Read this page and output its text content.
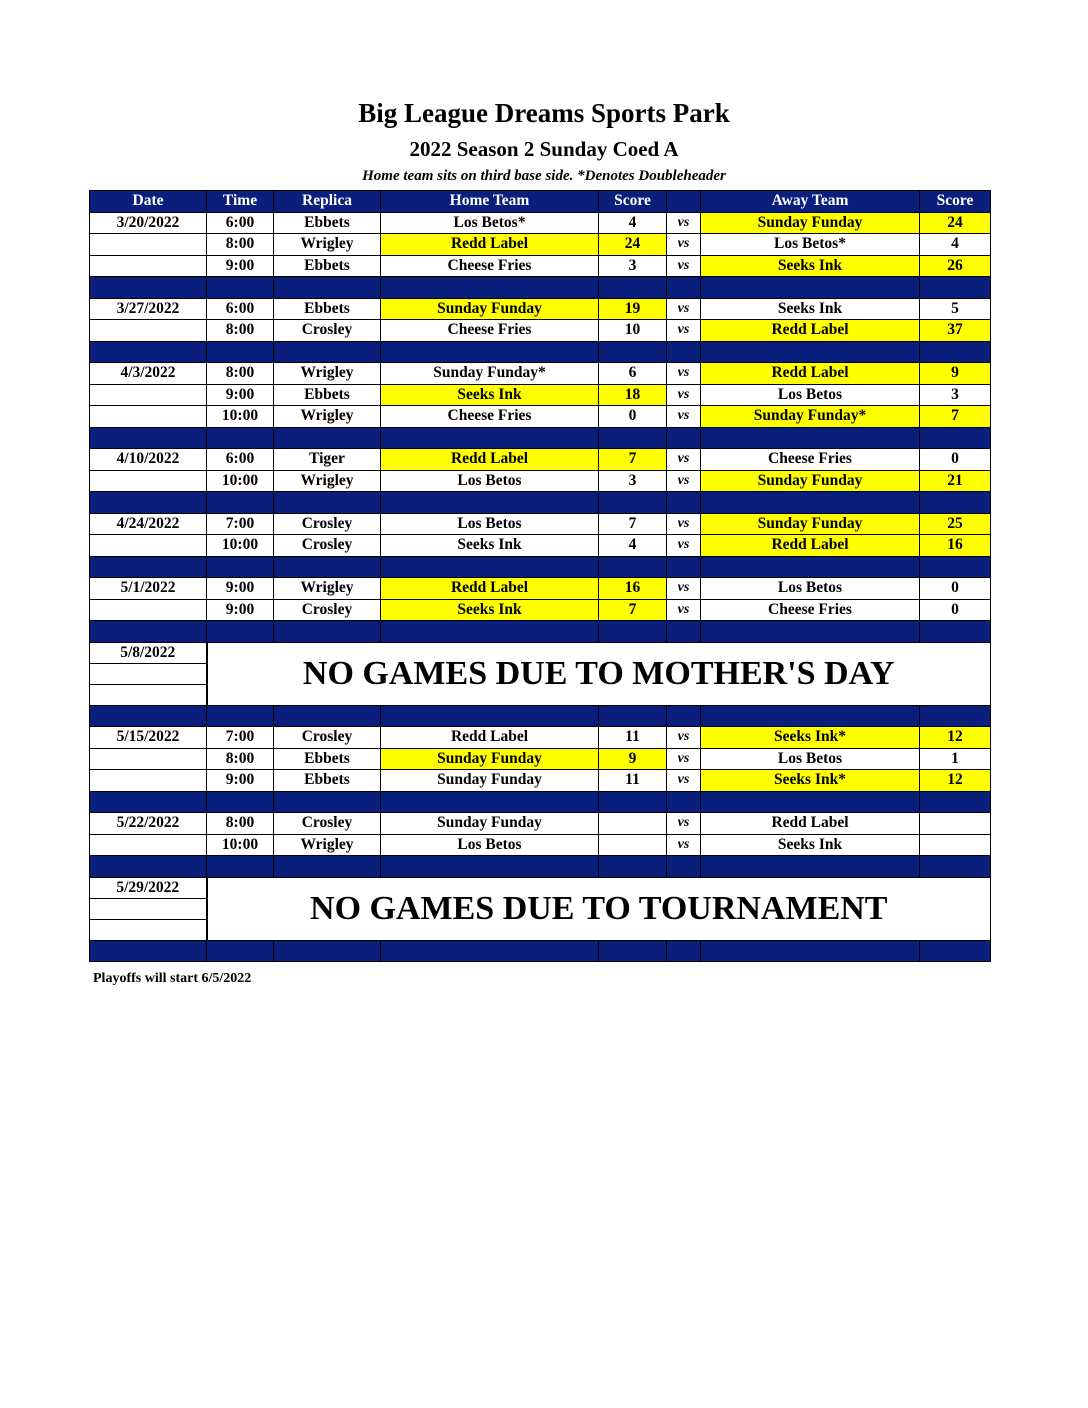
Big League Dreams Sports Park
2022 Season 2 Sunday Coed A
Home team sits on third base side. *Denotes Doubleheader
Date	Time	Replica	Home Team	Score		Away Team	Score
3/20/2022	6:00	Ebbets	Los Betos*	4	vs	Sunday Funday	24
	8:00	Wrigley	Redd Label	24	vs	Los Betos*	4
	9:00	Ebbets	Cheese Fries	3	vs	Seeks Ink	26

3/27/2022	6:00	Ebbets	Sunday Funday	19	vs	Seeks Ink	5
	8:00	Crosley	Cheese Fries	10	vs	Redd Label	37

4/3/2022	8:00	Wrigley	Sunday Funday*	6	vs	Redd Label	9
	9:00	Ebbets	Seeks Ink	18	vs	Los Betos	3
	10:00	Wrigley	Cheese Fries	0	vs	Sunday Funday*	7

4/10/2022	6:00	Tiger	Redd Label	7	vs	Cheese Fries	0
	10:00	Wrigley	Los Betos	3	vs	Sunday Funday	21

4/24/2022	7:00	Crosley	Los Betos	7	vs	Sunday Funday	25
	10:00	Crosley	Seeks Ink	4	vs	Redd Label	16

5/1/2022	9:00	Wrigley	Redd Label	16	vs	Los Betos	0
	9:00	Crosley	Seeks Ink	7	vs	Cheese Fries	0

5/8/2022	NO GAMES DUE TO MOTHER'S DAY						

5/15/2022	7:00	Crosley	Redd Label	11	vs	Seeks Ink*	12
	8:00	Ebbets	Sunday Funday	9	vs	Los Betos	1
	9:00	Ebbets	Sunday Funday	11	vs	Seeks Ink*	12

5/22/2022	8:00	Crosley	Sunday Funday		vs	Redd Label	
	10:00	Wrigley	Los Betos		vs	Seeks Ink	

5/29/2022	NO GAMES DUE TO TOURNAMENT						

Playoffs will start 6/5/2022
